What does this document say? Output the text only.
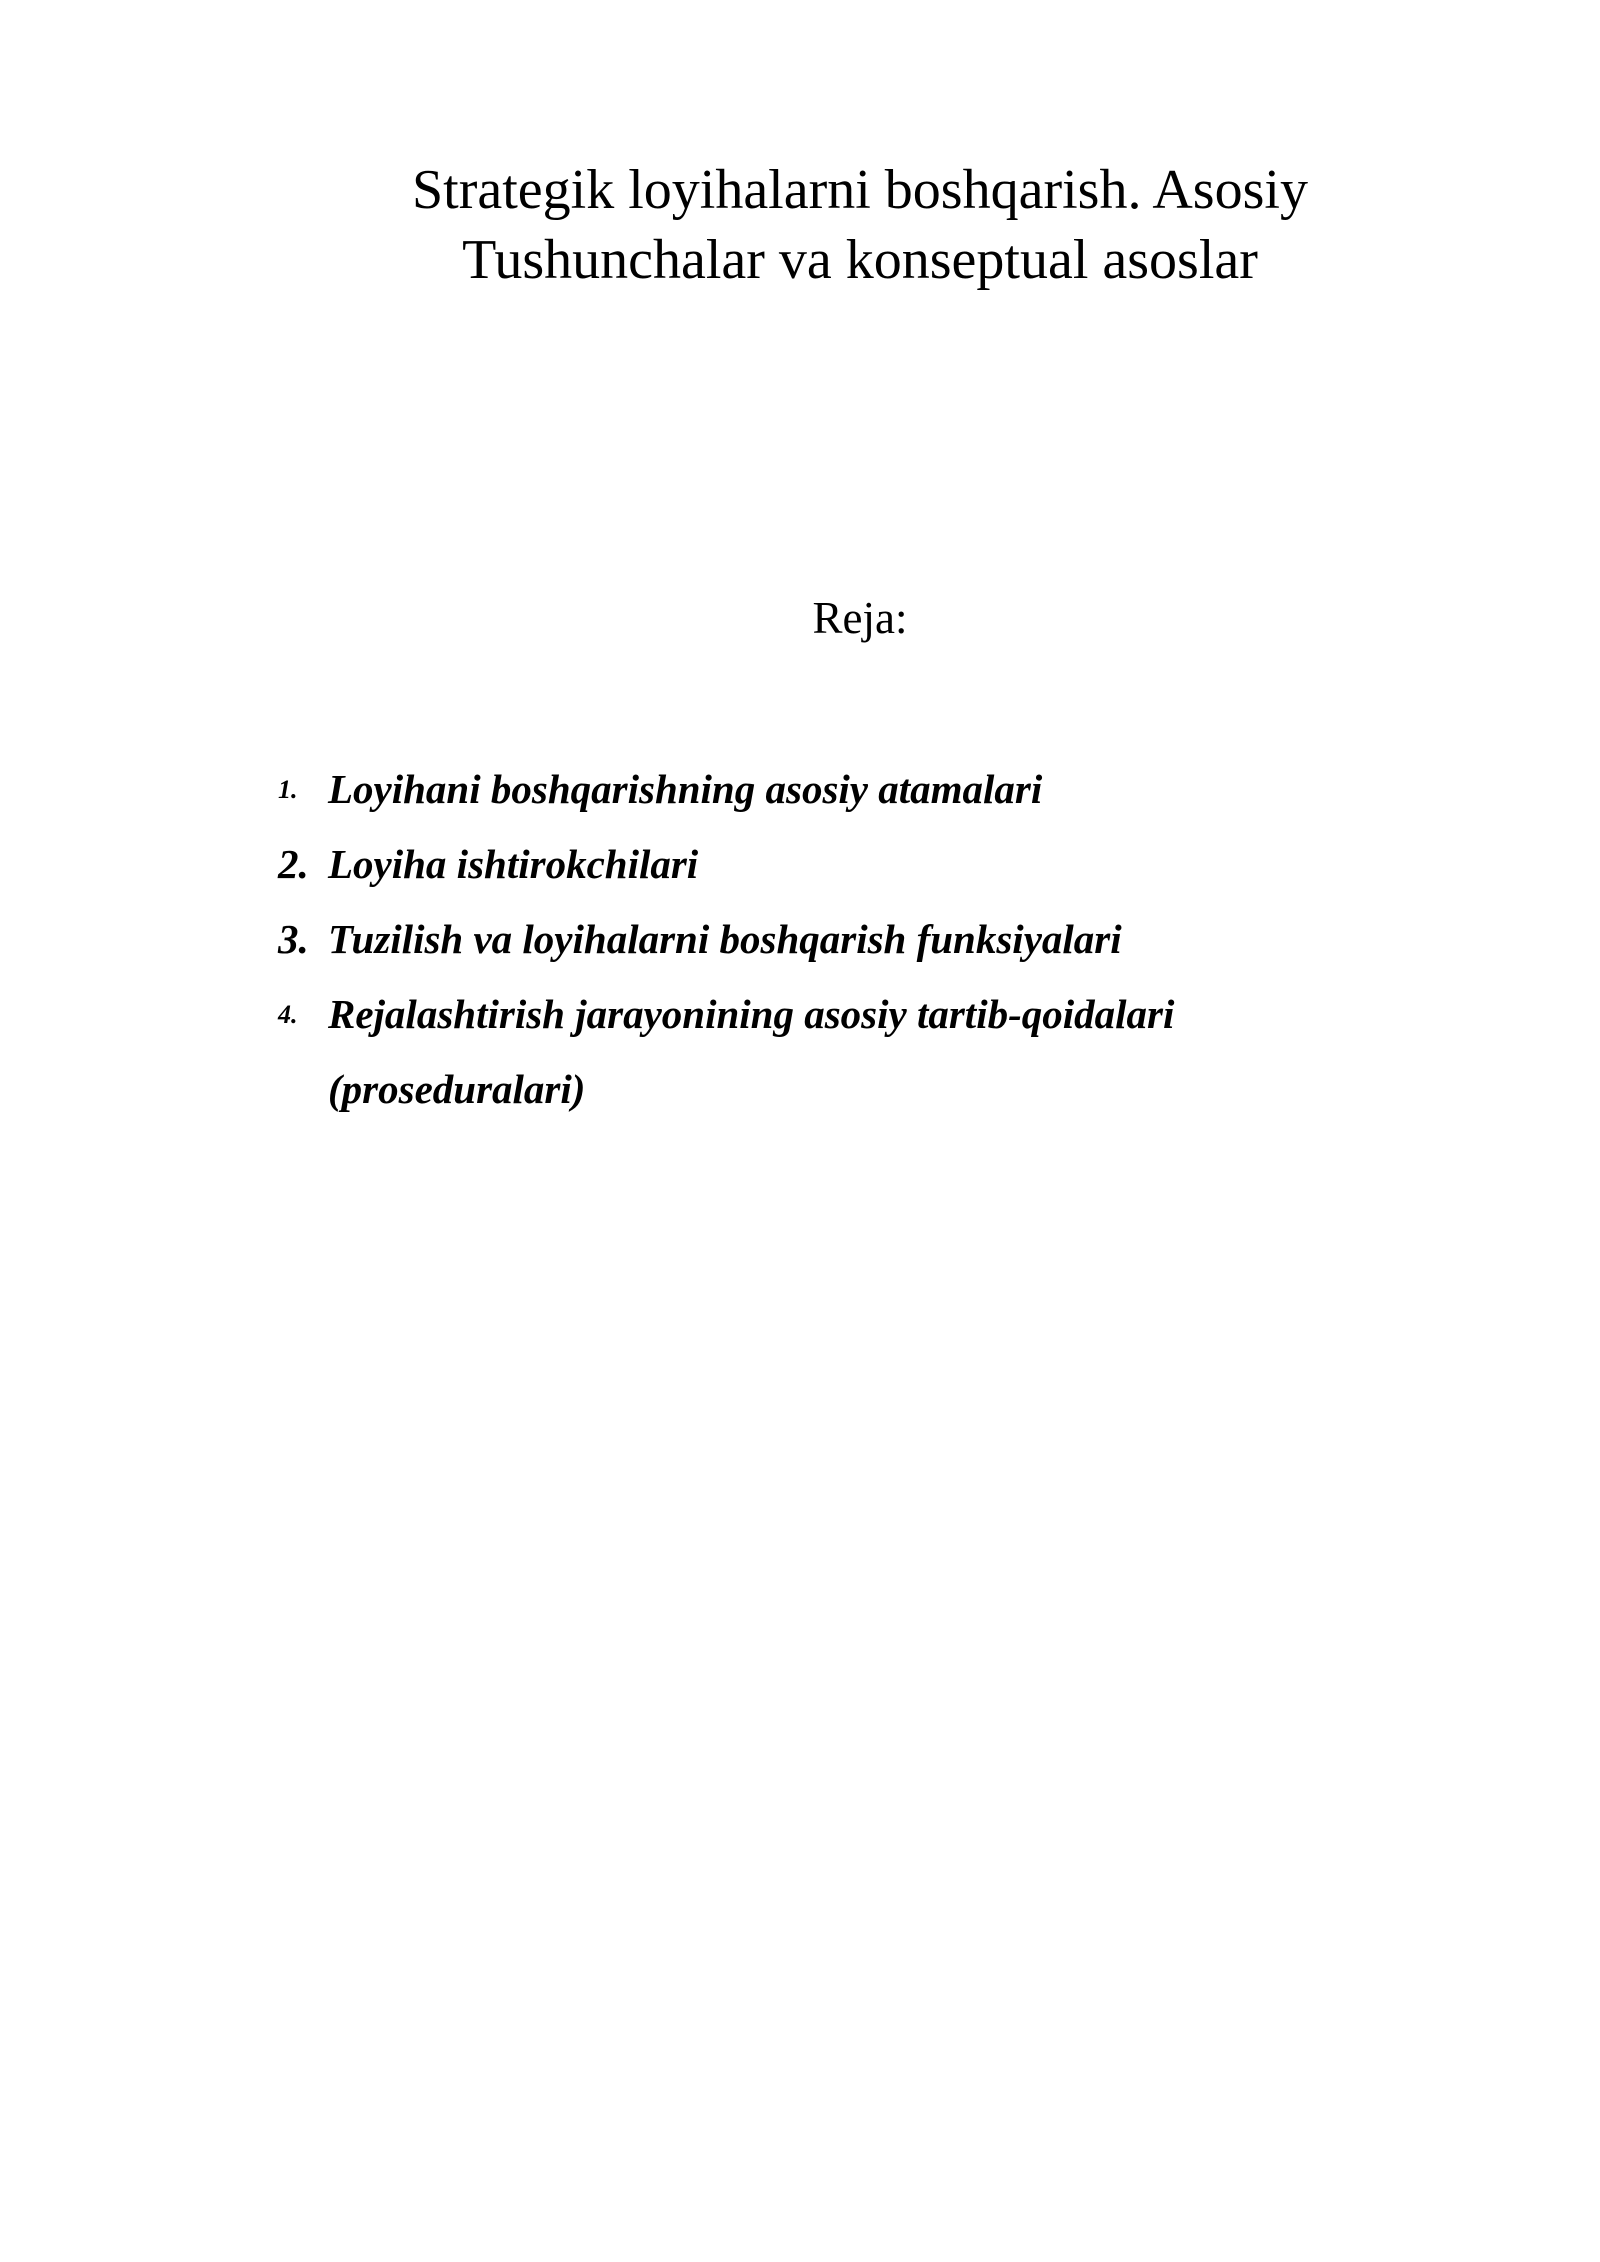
Strategik loyihalarni boshqarish. Asosiy
Tushunchalar va konseptual asoslar
Reja:
1. Loyihani boshqarishning asosiy atamalari
2. Loyiha ishtirokchilari
3. Tuzilish va loyihalarni boshqarish funksiyalari
4. Rejalashtirish jarayonining asosiy tartib-qoidalari (proseduralari)
